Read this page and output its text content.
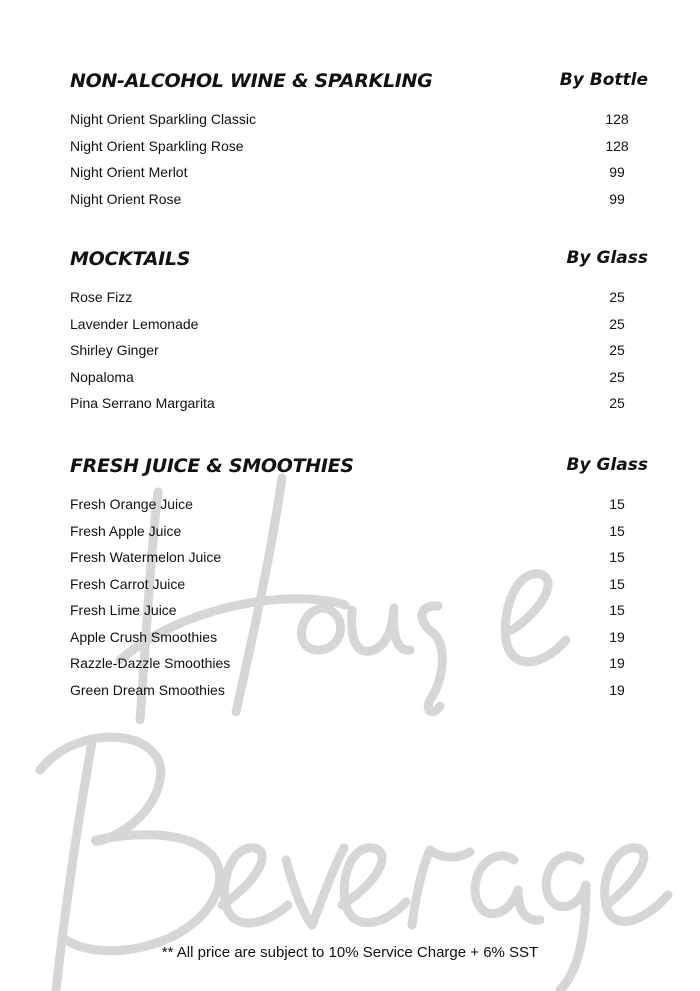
NON-ALCOHOL WINE & SPARKLING	By Bottle
Night Orient Sparkling Classic	128
Night Orient Sparkling Rose	128
Night Orient Merlot	99
Night Orient Rose	99
MOCKTAILS	By Glass
Rose Fizz	25
Lavender Lemonade	25
Shirley Ginger	25
Nopaloma	25
Pina Serrano Margarita	25
FRESH JUICE & SMOOTHIES	By Glass
Fresh Orange Juice	15
Fresh Apple Juice	15
Fresh Watermelon Juice	15
Fresh Carrot Juice	15
Fresh Lime Juice	15
Apple Crush Smoothies	19
Razzle-Dazzle Smoothies	19
Green Dream Smoothies	19
** All price are subject to 10% Service Charge + 6% SST
